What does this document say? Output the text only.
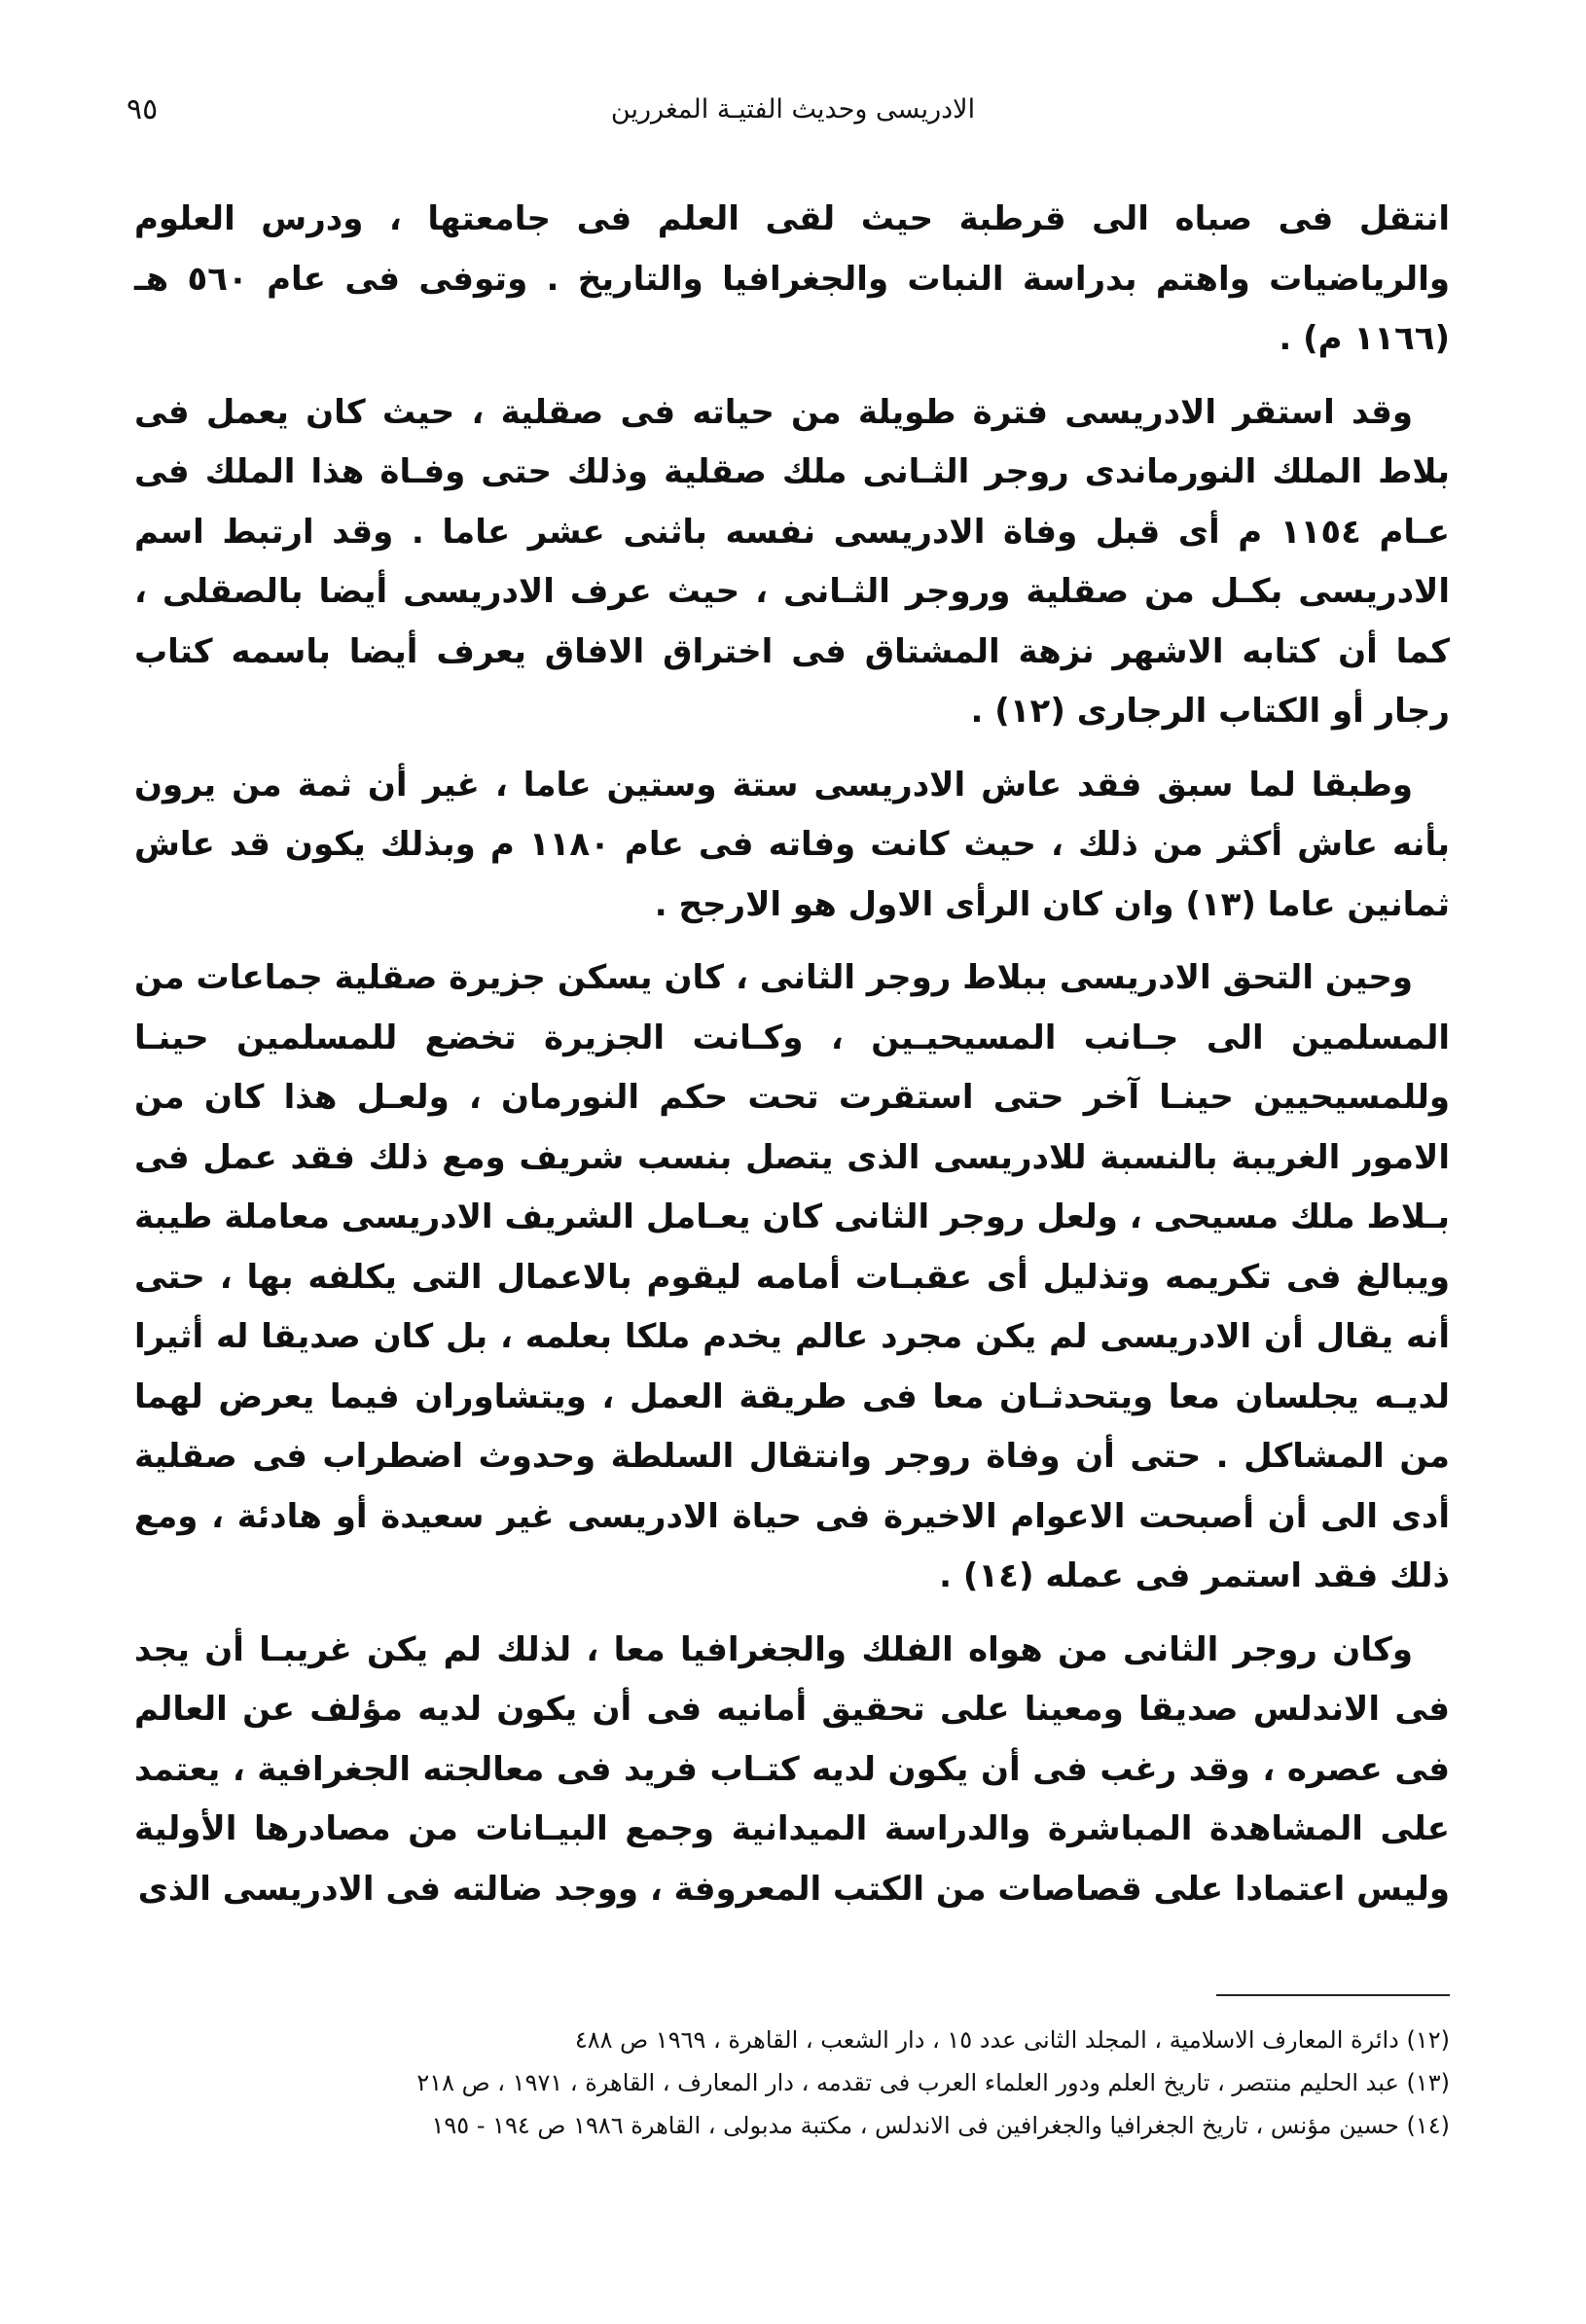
الادريسى وحديث الفتيـة المغررين
٩٥

انتقل فى صباه الى قرطبة حيث لقى العلم فى جامعتها ، ودرس العلوم والرياضيات واهتم بدراسة النبات والجغرافيا والتاريخ . وتوفى فى عام ٥٦٠ هـ (١١٦٦ م) .

وقد استقر الادريسى فترة طويلة من حياته فى صقلية ، حيث كان يعمل فى بلاط الملك النورماندى روجر الثـانى ملك صقلية وذلك حتى وفـاة هذا الملك فى عـام ١١٥٤ م أى قبل وفاة الادريسى نفسه باثنى عشر عاما . وقد ارتبط اسم الادريسى بكـل من صقلية وروجر الثـانى ، حيث عرف الادريسى أيضا بالصقلى ، كما أن كتابه الاشهر نزهة المشتاق فى اختراق الافاق يعرف أيضا باسمه كتاب رجار أو الكتاب الرجارى (١٢) .

وطبقا لما سبق فقد عاش الادريسى ستة وستين عاما ، غير أن ثمة من يرون بأنه عاش أكثر من ذلك ، حيث كانت وفاته فى عام ١١٨٠ م وبذلك يكون قد عاش ثمانين عاما (١٣) وان كان الرأى الاول هو الارجح .

وحين التحق الادريسى ببلاط روجر الثانى ، كان يسكن جزيرة صقلية جماعات من المسلمين الى جـانب المسيحيـين ، وكـانت الجزيرة تخضع للمسلمين حينـا وللمسيحيين حينـا آخر حتى استقرت تحت حكم النورمان ، ولعـل هذا كان من الامور الغريبة بالنسبة للادريسى الذى يتصل بنسب شريف ومع ذلك فقد عمل فى بـلاط ملك مسيحى ، ولعل روجر الثانى كان يعـامل الشريف الادريسى معاملة طيبة ويبالغ فى تكريمه وتذليل أى عقبـات أمامه ليقوم بالاعمال التى يكلفه بها ، حتى أنه يقال أن الادريسى لم يكن مجرد عالم يخدم ملكا بعلمه ، بل كان صديقا له أثيرا لديـه يجلسان معا ويتحدثـان معا فى طريقة العمل ، ويتشاوران فيما يعرض لهما من المشاكل . حتى أن وفاة روجر وانتقال السلطة وحدوث اضطراب فى صقلية أدى الى أن أصبحت الاعوام الاخيرة فى حياة الادريسى غير سعيدة أو هادئة ، ومع ذلك فقد استمر فى عمله (١٤) .

وكان روجر الثانى من هواه الفلك والجغرافيا معا ، لذلك لم يكن غريبـا أن يجد فى الاندلس صديقا ومعينا على تحقيق أمانيه فى أن يكون لديه مؤلف عن العالم فى عصره ، وقد رغب فى أن يكون لديه كتـاب فريد فى معالجته الجغرافية ، يعتمد على المشاهدة المباشرة والدراسة الميدانية وجمع البيـانات من مصادرها الأولية وليس اعتمادا على قصاصات من الكتب المعروفة ، ووجد ضالته فى الادريسى الذى

(١٢) دائرة المعارف الاسلامية ، المجلد الثانى عدد ١٥ ، دار الشعب ، القاهرة ، ١٩٦٩ ص ٤٨٨

(١٣) عبد الحليم منتصر ، تاريخ العلم ودور العلماء العرب فى تقدمه ، دار المعارف ، القاهرة ، ١٩٧١ ، ص ٢١٨

(١٤) حسين مؤنس ، تاريخ الجغرافيا والجغرافين فى الاندلس ، مكتبة مدبولى ، القاهرة ١٩٨٦ ص ١٩٤ - ١٩٥
